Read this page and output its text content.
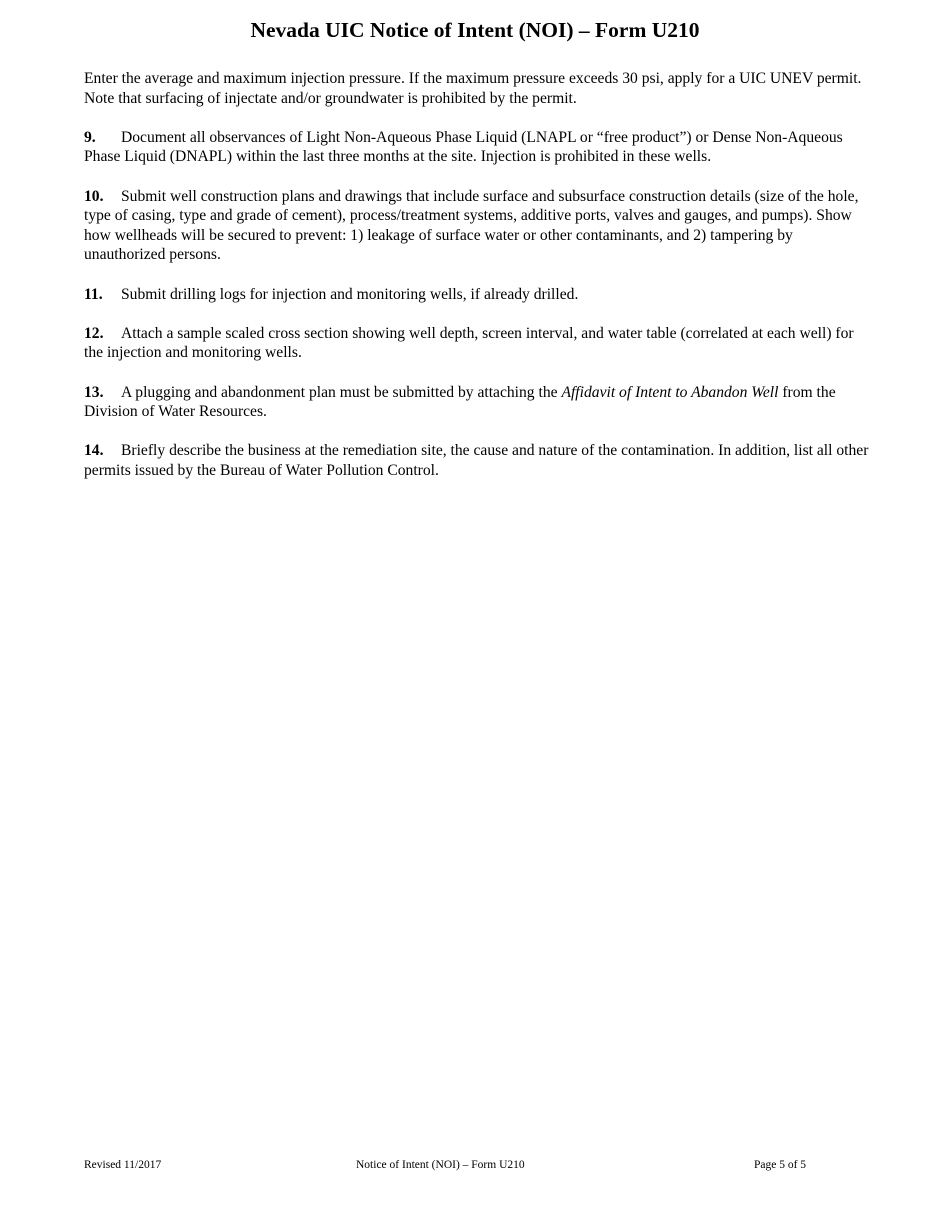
Nevada UIC Notice of Intent (NOI) – Form U210

Enter the average and maximum injection pressure. If the maximum pressure exceeds 30 psi, apply for a UIC UNEV permit. Note that surfacing of injectate and/or groundwater is prohibited by the permit.

9. Document all observances of Light Non-Aqueous Phase Liquid (LNAPL or “free product”) or Dense Non-Aqueous Phase Liquid (DNAPL) within the last three months at the site. Injection is prohibited in these wells.

10. Submit well construction plans and drawings that include surface and subsurface construction details (size of the hole, type of casing, type and grade of cement), process/treatment systems, additive ports, valves and gauges, and pumps). Show how wellheads will be secured to prevent: 1) leakage of surface water or other contaminants, and 2) tampering by unauthorized persons.

11. Submit drilling logs for injection and monitoring wells, if already drilled.

12. Attach a sample scaled cross section showing well depth, screen interval, and water table (correlated at each well) for the injection and monitoring wells.

13. A plugging and abandonment plan must be submitted by attaching the Affidavit of Intent to Abandon Well from the Division of Water Resources.

14. Briefly describe the business at the remediation site, the cause and nature of the contamination. In addition, list all other permits issued by the Bureau of Water Pollution Control.

Revised 11/2017	Notice of Intent (NOI) – Form U210	Page 5 of 5
